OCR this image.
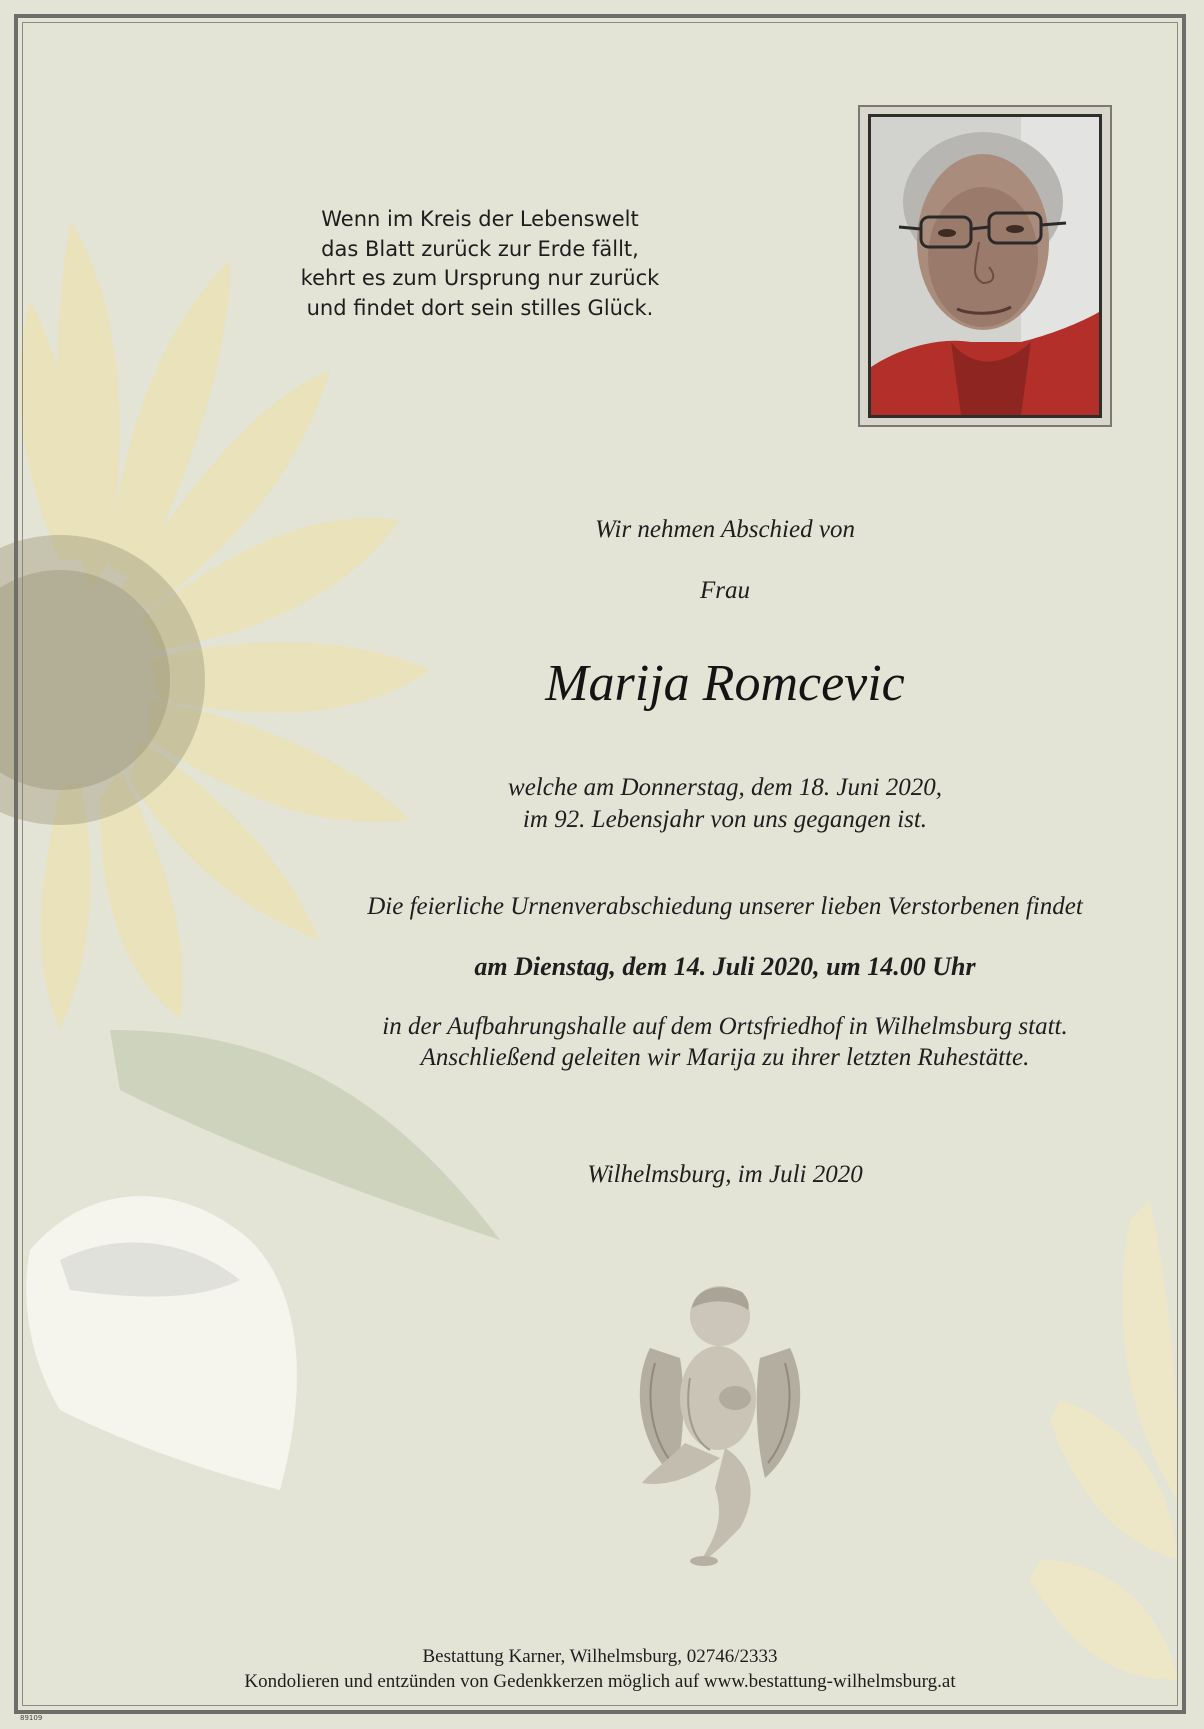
Wenn im Kreis der Lebenswelt
das Blatt zurück zur Erde fällt,
kehrt es zum Ursprung nur zurück
und findet dort sein stilles Glück.
Wir nehmen Abschied von
Frau
Marija Romcevic
welche am Donnerstag, dem 18. Juni 2020,
im 92. Lebensjahr von uns gegangen ist.
Die feierliche Urnenverabschiedung unserer lieben Verstorbenen findet
am Dienstag, dem 14. Juli 2020, um 14.00 Uhr
in der Aufbahrungshalle auf dem Ortsfriedhof in Wilhelmsburg statt.
Anschließend geleiten wir Marija zu ihrer letzten Ruhestätte.
Wilhelmsburg, im Juli 2020
Bestattung Karner, Wilhelmsburg, 02746/2333
Kondolieren und entzünden von Gedenkkerzen möglich auf www.bestattung-wilhelmsburg.at
89109
